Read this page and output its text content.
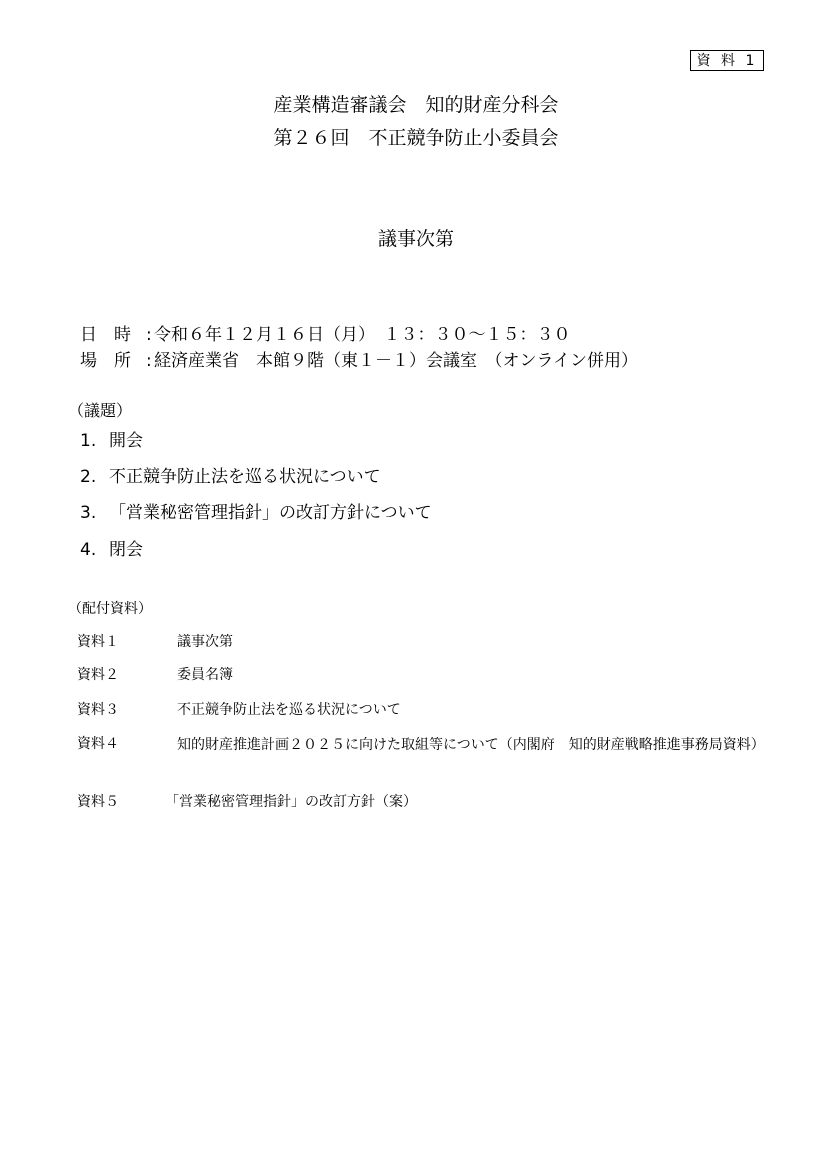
資 料 1
産業構造審議会　知的財産分科会
第２６回　不正競争防止小委員会
議事次第
日　時 : 令和６年１２月１６日（月）　１３：３０～１５：３０
場　所 : 経済産業省　本館９階（東１－１）会議室　（オンライン併用）
（議題）
1. 開会
2. 不正競争防止法を巡る状況について
3. 「営業秘密管理指針」の改訂方針について
4. 閉会
（配付資料）
資料１	議事次第
資料２	委員名簿
資料３	不正競争防止法を巡る状況について
資料４	知的財産推進計画２０２５に向けた取組等について（内閣府　知的財産戦略推進事務局資料）
資料５	「営業秘密管理指針」の改訂方針（案）
